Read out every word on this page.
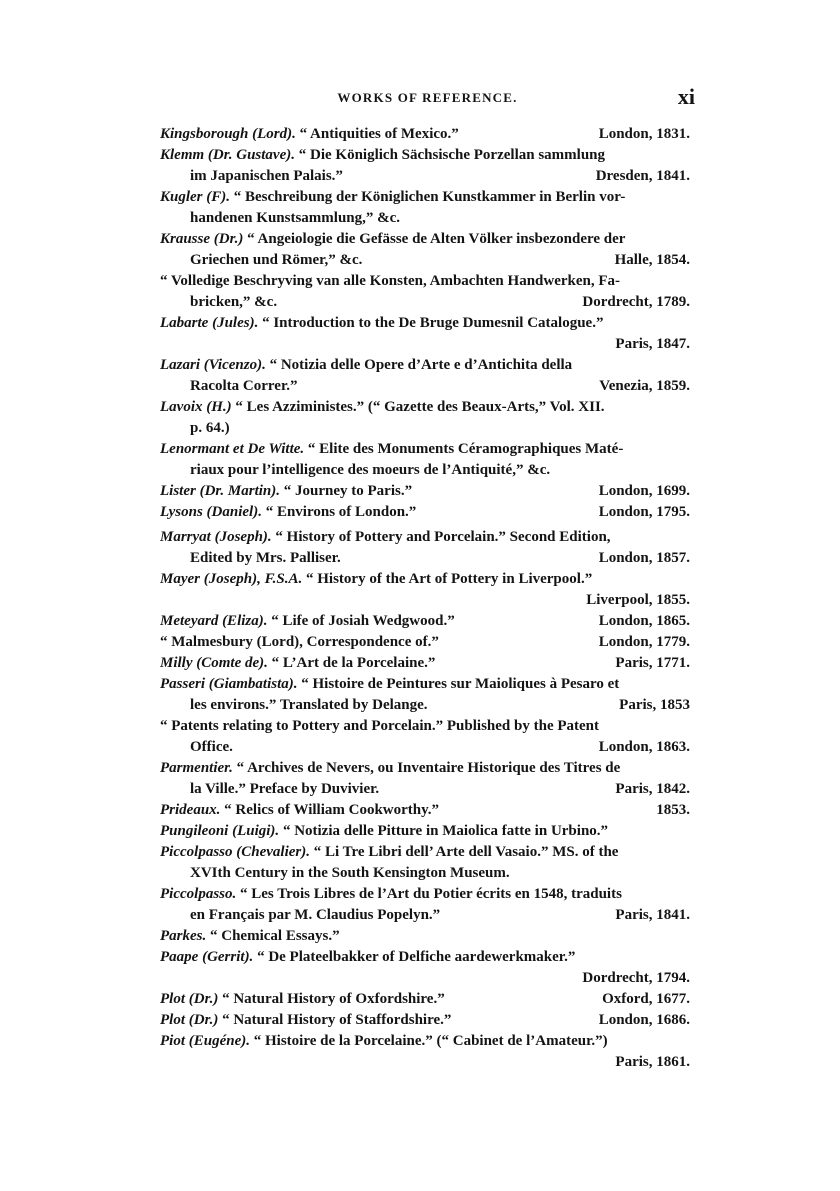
WORKS OF REFERENCE.	xi
Kingsborough (Lord). “ Antiquities of Mexico.”	London, 1831.
Klemm (Dr. Gustave). “ Die Königlich Sächsische Porzellan sammlung
im Japanischen Palais.”	Dresden, 1841.
Kugler (F). “ Beschreibung der Königlichen Kunstkammer in Berlin vor-
handenen Kunstsammlung,” &c.
Krausse (Dr.) “ Angeiologie die Gefässe de Alten Völker insbezondere der
Griechen und Römer,” &c.	Halle, 1854.
“ Volledige Beschryving van alle Konsten, Ambachten Handwerken, Fa-
bricken,” &c.	Dordrecht, 1789.
Labarte (Jules). “ Introduction to the De Bruge Dumesnil Catalogue.”
Paris, 1847.
Lazari (Vicenzo). “ Notizia delle Opere d’Arte e d’Antichita della
Racolta Correr.”	Venezia, 1859.
Lavoix (H.) “ Les Azziministes.” (“ Gazette des Beaux-Arts,” Vol. XII.
p. 64.)
Lenormant et De Witte. “ Elite des Monuments Céramographiques Maté-
riaux pour l’intelligence des moeurs de l’Antiquité,” &c.
Lister (Dr. Martin). “ Journey to Paris.”	London, 1699.
Lysons (Daniel). “ Environs of London.”	London, 1795.
Marryat (Joseph). “ History of Pottery and Porcelain.” Second Edition,
Edited by Mrs. Palliser.	London, 1857.
Mayer (Joseph), F.S.A. “ History of the Art of Pottery in Liverpool.”
Liverpool, 1855.
Meteyard (Eliza). “ Life of Josiah Wedgwood.”	London, 1865.
“ Malmesbury (Lord), Correspondence of.”	London, 1779.
Milly (Comte de). “ L’Art de la Porcelaine.”	Paris, 1771.
Passeri (Giambatista). “ Histoire de Peintures sur Maioliques à Pesaro et
les environs.” Translated by Delange.	Paris, 1853
“ Patents relating to Pottery and Porcelain.” Published by the Patent
Office.	London, 1863.
Parmentier. “ Archives de Nevers, ou Inventaire Historique des Titres de
la Ville.” Preface by Duvivier.	Paris, 1842.
Prideaux. “ Relics of William Cookworthy.”	1853.
Pungileoni (Luigi). “ Notizia delle Pitture in Maiolica fatte in Urbino.”
Piccolpasso (Chevalier). “ Li Tre Libri dell’ Arte dell Vasaio.” MS. of the
XVIth Century in the South Kensington Museum.
Piccolpasso. “ Les Trois Libres de l’Art du Potier écrits en 1548, traduits
en Français par M. Claudius Popelyn.”	Paris, 1841.
Parkes. “ Chemical Essays.”
Paape (Gerrit). “ De Plateelbakker of Delfiche aardewerkmaker.”
Dordrecht, 1794.
Plot (Dr.) “ Natural History of Oxfordshire.”	Oxford, 1677.
Plot (Dr.) “ Natural History of Staffordshire.”	London, 1686.
Piot (Eugéne). “ Histoire de la Porcelaine.” (“ Cabinet de l’Amateur.”)
Paris, 1861.
